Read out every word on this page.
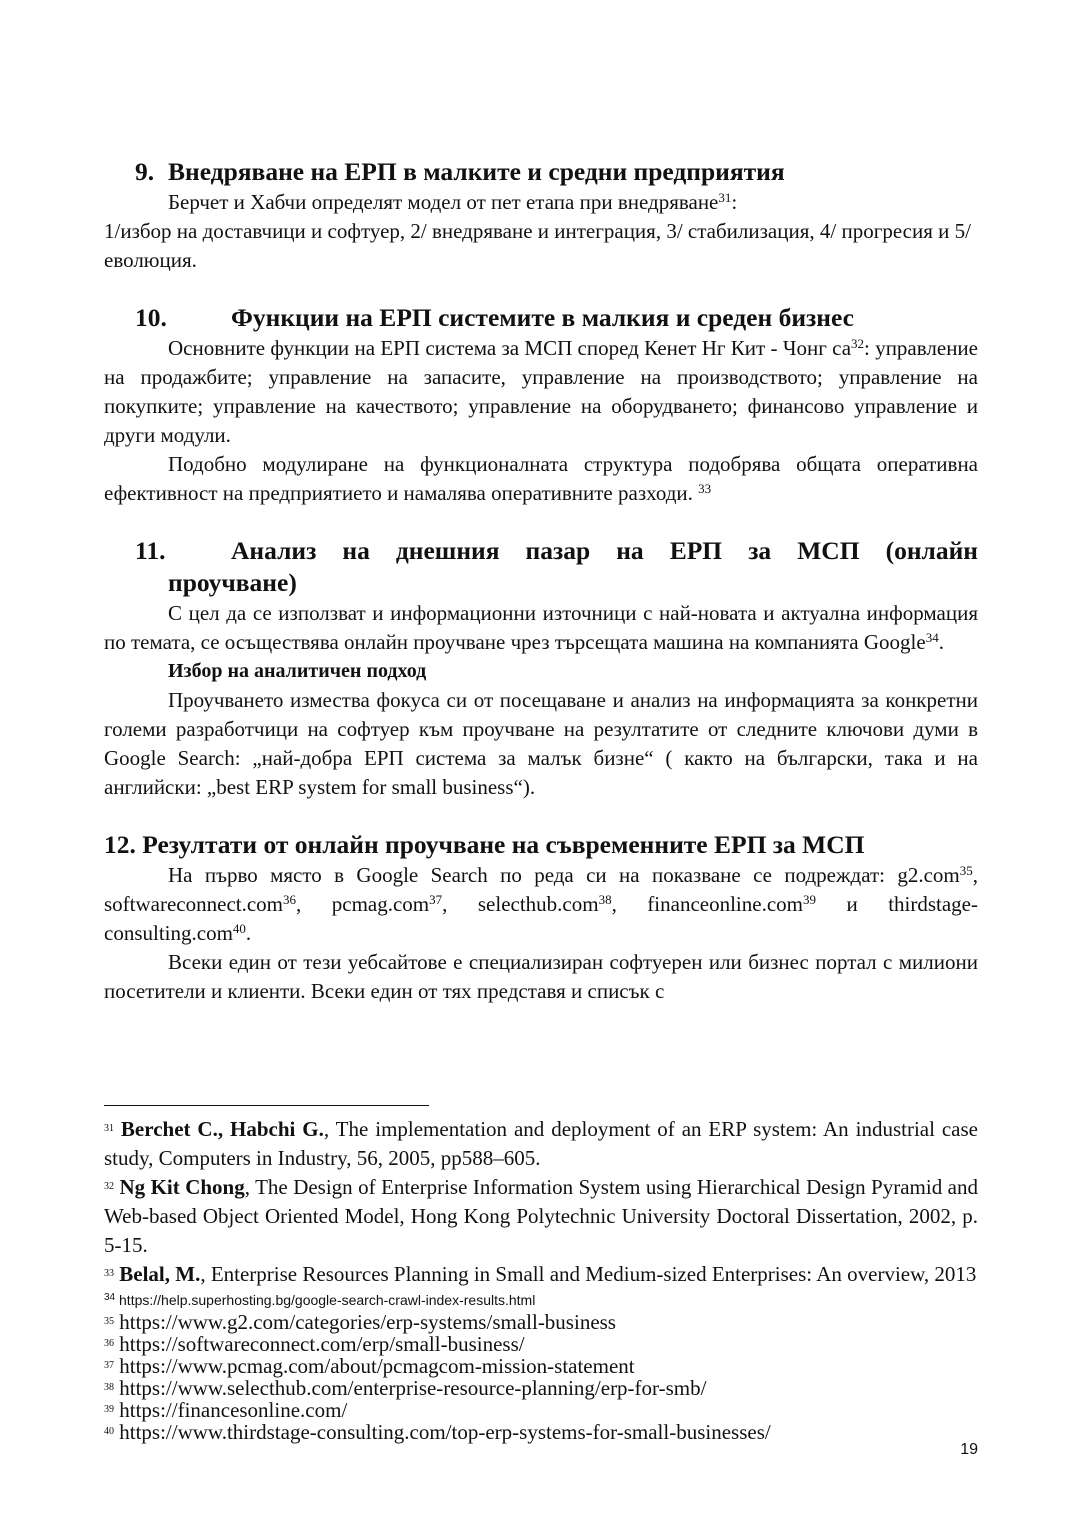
9. Внедряване на ЕРП в малките и средни предприятия

Берчет и Хабчи определят модел от пет етапа при внедряване$^{31}$:

1/избор на доставчици и софтуер, 2/ внедряване и интеграция, 3/ стабилизация, 4/ прогресия и 5/ еволюция.

10.	Функции на ЕРП системите в малкия и среден бизнес

Основните функции на ЕРП система за МСП според Кенет Нг Кит - Чонг $са^{32}$: управление на продажбите; управление на запасите, управление на производството; управление на покупките; управление на качеството; управление на оборудването; финансово управление и други модули.

Подобно модулиране на функционалната структура подобрява общата оперативна ефективност на предприятието и намалява оперативните разходи. $^{33}$

11.	Анализ на днешния пазар на ЕРП за МСП (онлайн
проучване)

С цел да се използват и информационни източници с най-новата и актуална информация по темата, се осъществява онлайн проучване чрез търсещата машина на компанията Google$^{34}$.

Избор на аналитичен подход

Проучването измества фокуса си от посещаване и анализ на информацията за конкретни големи разработчици на софтуер към проучване на резултатите от следните ключови думи в Google Search: „най-добра ЕРП система за малък бизне“ ( както на български, така и на английски: „best ERP system for small business“).

12. Резултати от онлайн проучване на съвременните ЕРП за МСП

На първо място в Google Search по реда си на показване се подреждат: g2.com$^{35}$, softwareconnect.com$^{36}$, pcmag.com$^{37}$, selecthub.com$^{38}$, financeonline.com$^{39}$ и thirdstage-consulting.com$^{40}$.

Всеки един от тези уебсайтове е специализиран софтуерен или бизнес портал с милиони посетители и клиенти. Всеки един от тях представя и списък с

$^{31}$ Berchet C., Habchi G., The implementation and deployment of an ERP system: An industrial case study, Computers in Industry, 56, 2005, pp588–605.

$^{32}$ Ng Kit Chong, The Design of Enterprise Information System using Hierarchical Design Pyramid and Web-based Object Oriented Model, Hong Kong Polytechnic University Doctoral Dissertation, 2002, p. 5-15.

$^{33}$ Belal, M., Enterprise Resources Planning in Small and Medium-sized Enterprises: An overview, 2013

$^{34}$ https://help.superhosting.bg/google-search-crawl-index-results.html

$^{35}$ https://www.g2.com/categories/erp-systems/small-business

$^{36}$ https://softwareconnect.com/erp/small-business/

$^{37}$ https://www.pcmag.com/about/pcmagcom-mission-statement

$^{38}$ https://www.selecthub.com/enterprise-resource-planning/erp-for-smb/

$^{39}$ https://financesonline.com/

$^{40}$ https://www.thirdstage-consulting.com/top-erp-systems-for-small-businesses/

19
